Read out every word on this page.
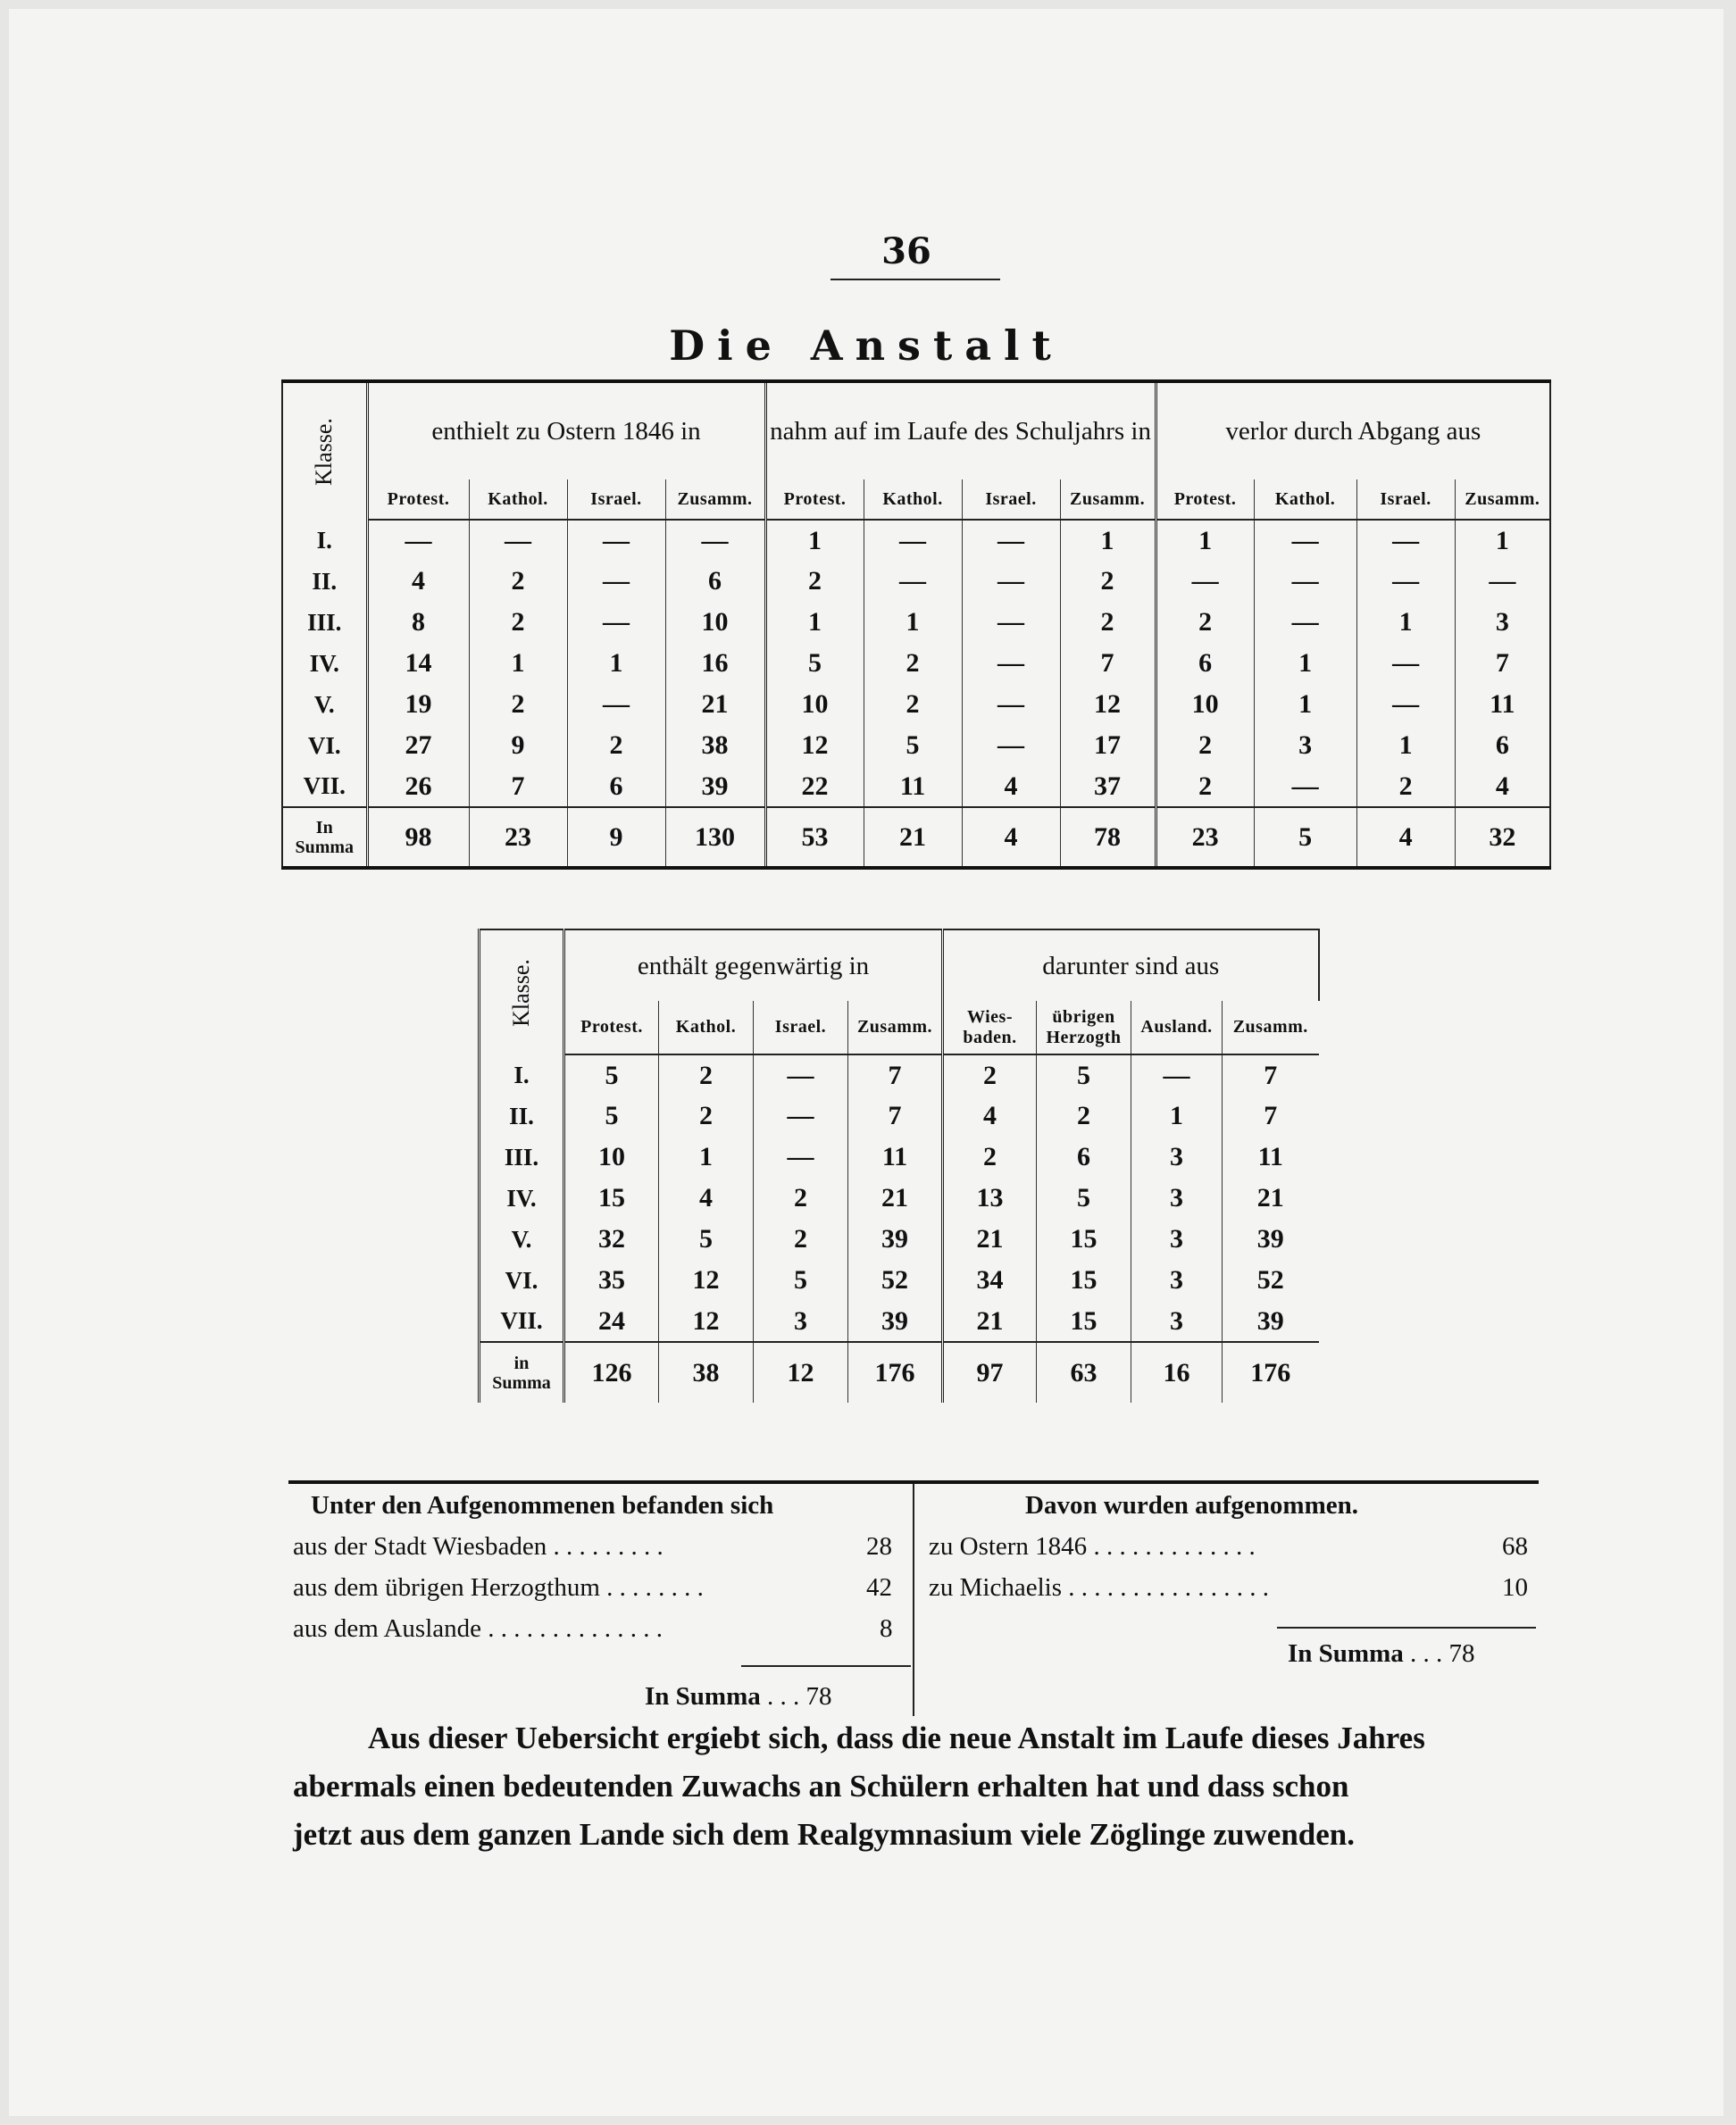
36
Die Anstalt
Klasse.	enthielt zu Ostern 1846 in				nahm auf im Laufe des Schuljahrs in				verlor durch Abgang aus			
	Protest.	Kathol.	Israel.	Zusamm.	Protest.	Kathol.	Israel.	Zusamm.	Protest.	Kathol.	Israel.	Zusamm.
I.	—	—	—	—	1	—	—	1	1	—	—	1
II.	4	2	—	6	2	—	—	2	—	—	—	—
III.	8	2	—	10	1	1	—	2	2	—	1	3
IV.	14	1	1	16	5	2	—	7	6	1	—	7
V.	19	2	—	21	10	2	—	12	10	1	—	11
VI.	27	9	2	38	12	5	—	17	2	3	1	6
VII.	26	7	6	39	22	11	4	37	2	—	2	4

In
Summa	98	23	9	130	53	21	4	78	23	5	4	32
Klasse.	enthält gegenwärtig in				darunter sind aus			
	Protest.	Kathol.	Israel.	Zusamm.	Wies- baden.	übrigen Herzogth	Ausland.	Zusamm.
I.	5	2	—	7	2	5	—	7
II.	5	2	—	7	4	2	1	7
III.	10	1	—	11	2	6	3	11
IV.	15	4	2	21	13	5	3	21
V.	32	5	2	39	21	15	3	39
VI.	35	12	5	52	34	15	3	52
VII.	24	12	3	39	21	15	3	39

in
Summa	126	38	12	176	97	63	16	176
Unter den Aufgenommenen befanden sich
aus der Stadt Wiesbaden . . . . . . . . .	28
aus dem übrigen Herzogthum . . . . . . . .	42
aus dem Auslande . . . . . . . . . . . . . .	8
In Summa . . . 78
Davon wurden aufgenommen.
zu Ostern 1846 . . . . . . . . . . . . .	68
zu Michaelis . . . . . . . . . . . . . . . .	10
In Summa . . . 78

Aus dieser Uebersicht ergiebt sich, dass die neue Anstalt im Laufe dieses Jahres

abermals einen bedeutenden Zuwachs an Schülern erhalten hat und dass schon

jetzt aus dem ganzen Lande sich dem Realgymnasium viele Zöglinge zuwenden.
